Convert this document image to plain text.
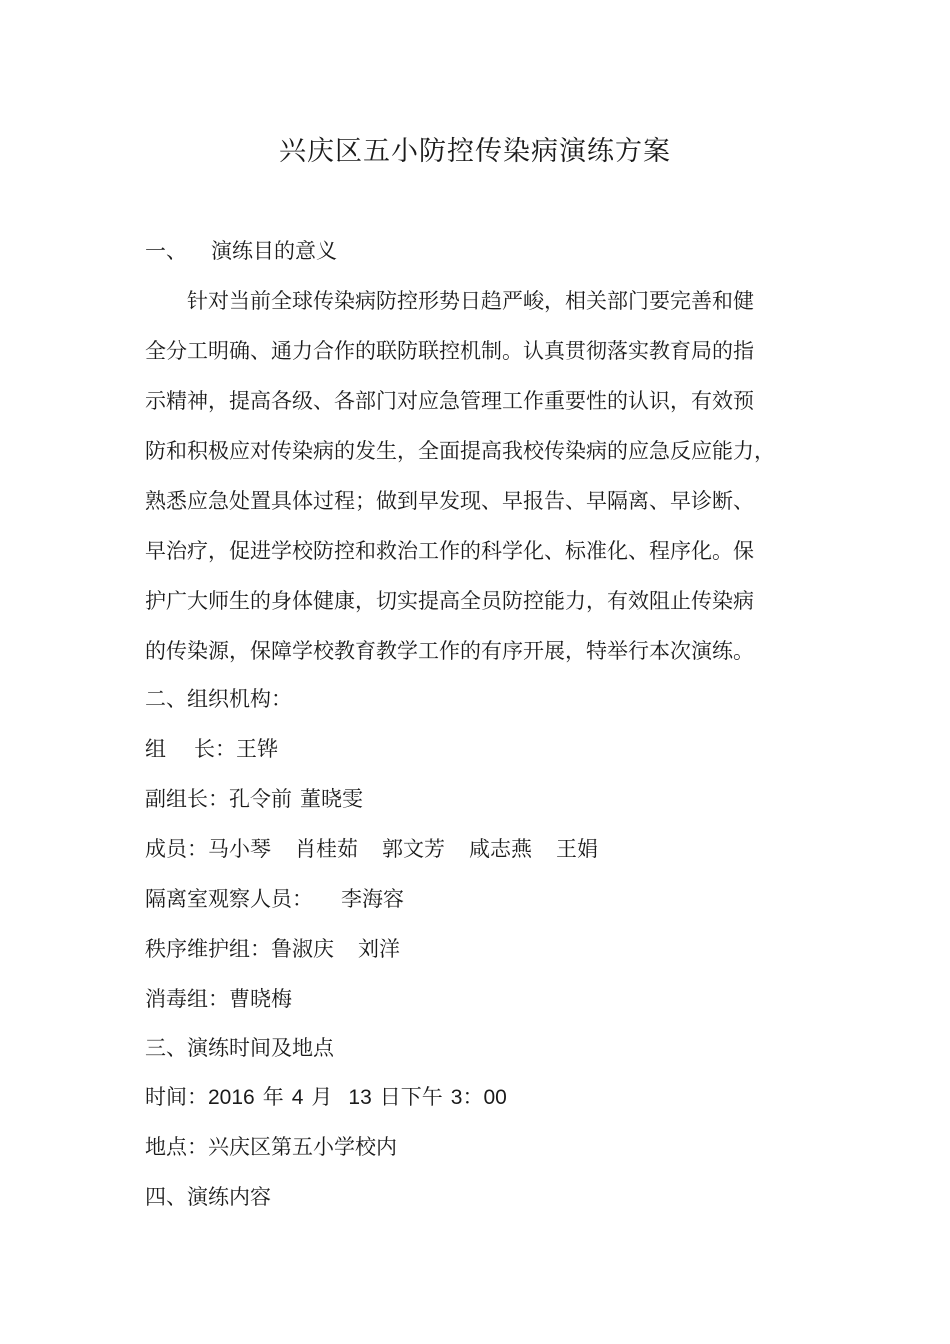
兴庆区五小防控传染病演练方案
一、 演练目的意义
针对当前全球传染病防控形势日趋严峻，相关部门要完善和健
全分工明确、通力合作的联防联控机制。认真贯彻落实教育局的指
示精神，提高各级、各部门对应急管理工作重要性的认识，有效预
防和积极应对传染病的发生，全面提高我校传染病的应急反应能力，
熟悉应急处置具体过程；做到早发现、早报告、早隔离、早诊断、
早治疗，促进学校防控和救治工作的科学化、标准化、程序化。保
护广大师生的身体健康，切实提高全员防控能力，有效阻止传染病
的传染源，保障学校教育教学工作的有序开展，特举行本次演练。
二、组织机构：
组 长：王铧
副组长：孔令前 董晓雯
成员：马小琴 肖桂茹 郭文芳 咸志燕 王娟
隔离室观察人员： 李海容
秩序维护组：鲁淑庆 刘洋
消毒组：曹晓梅
三、演练时间及地点
时间：2016 年 4 月 13 日下午 3：00
地点：兴庆区第五小学校内
四、演练内容
